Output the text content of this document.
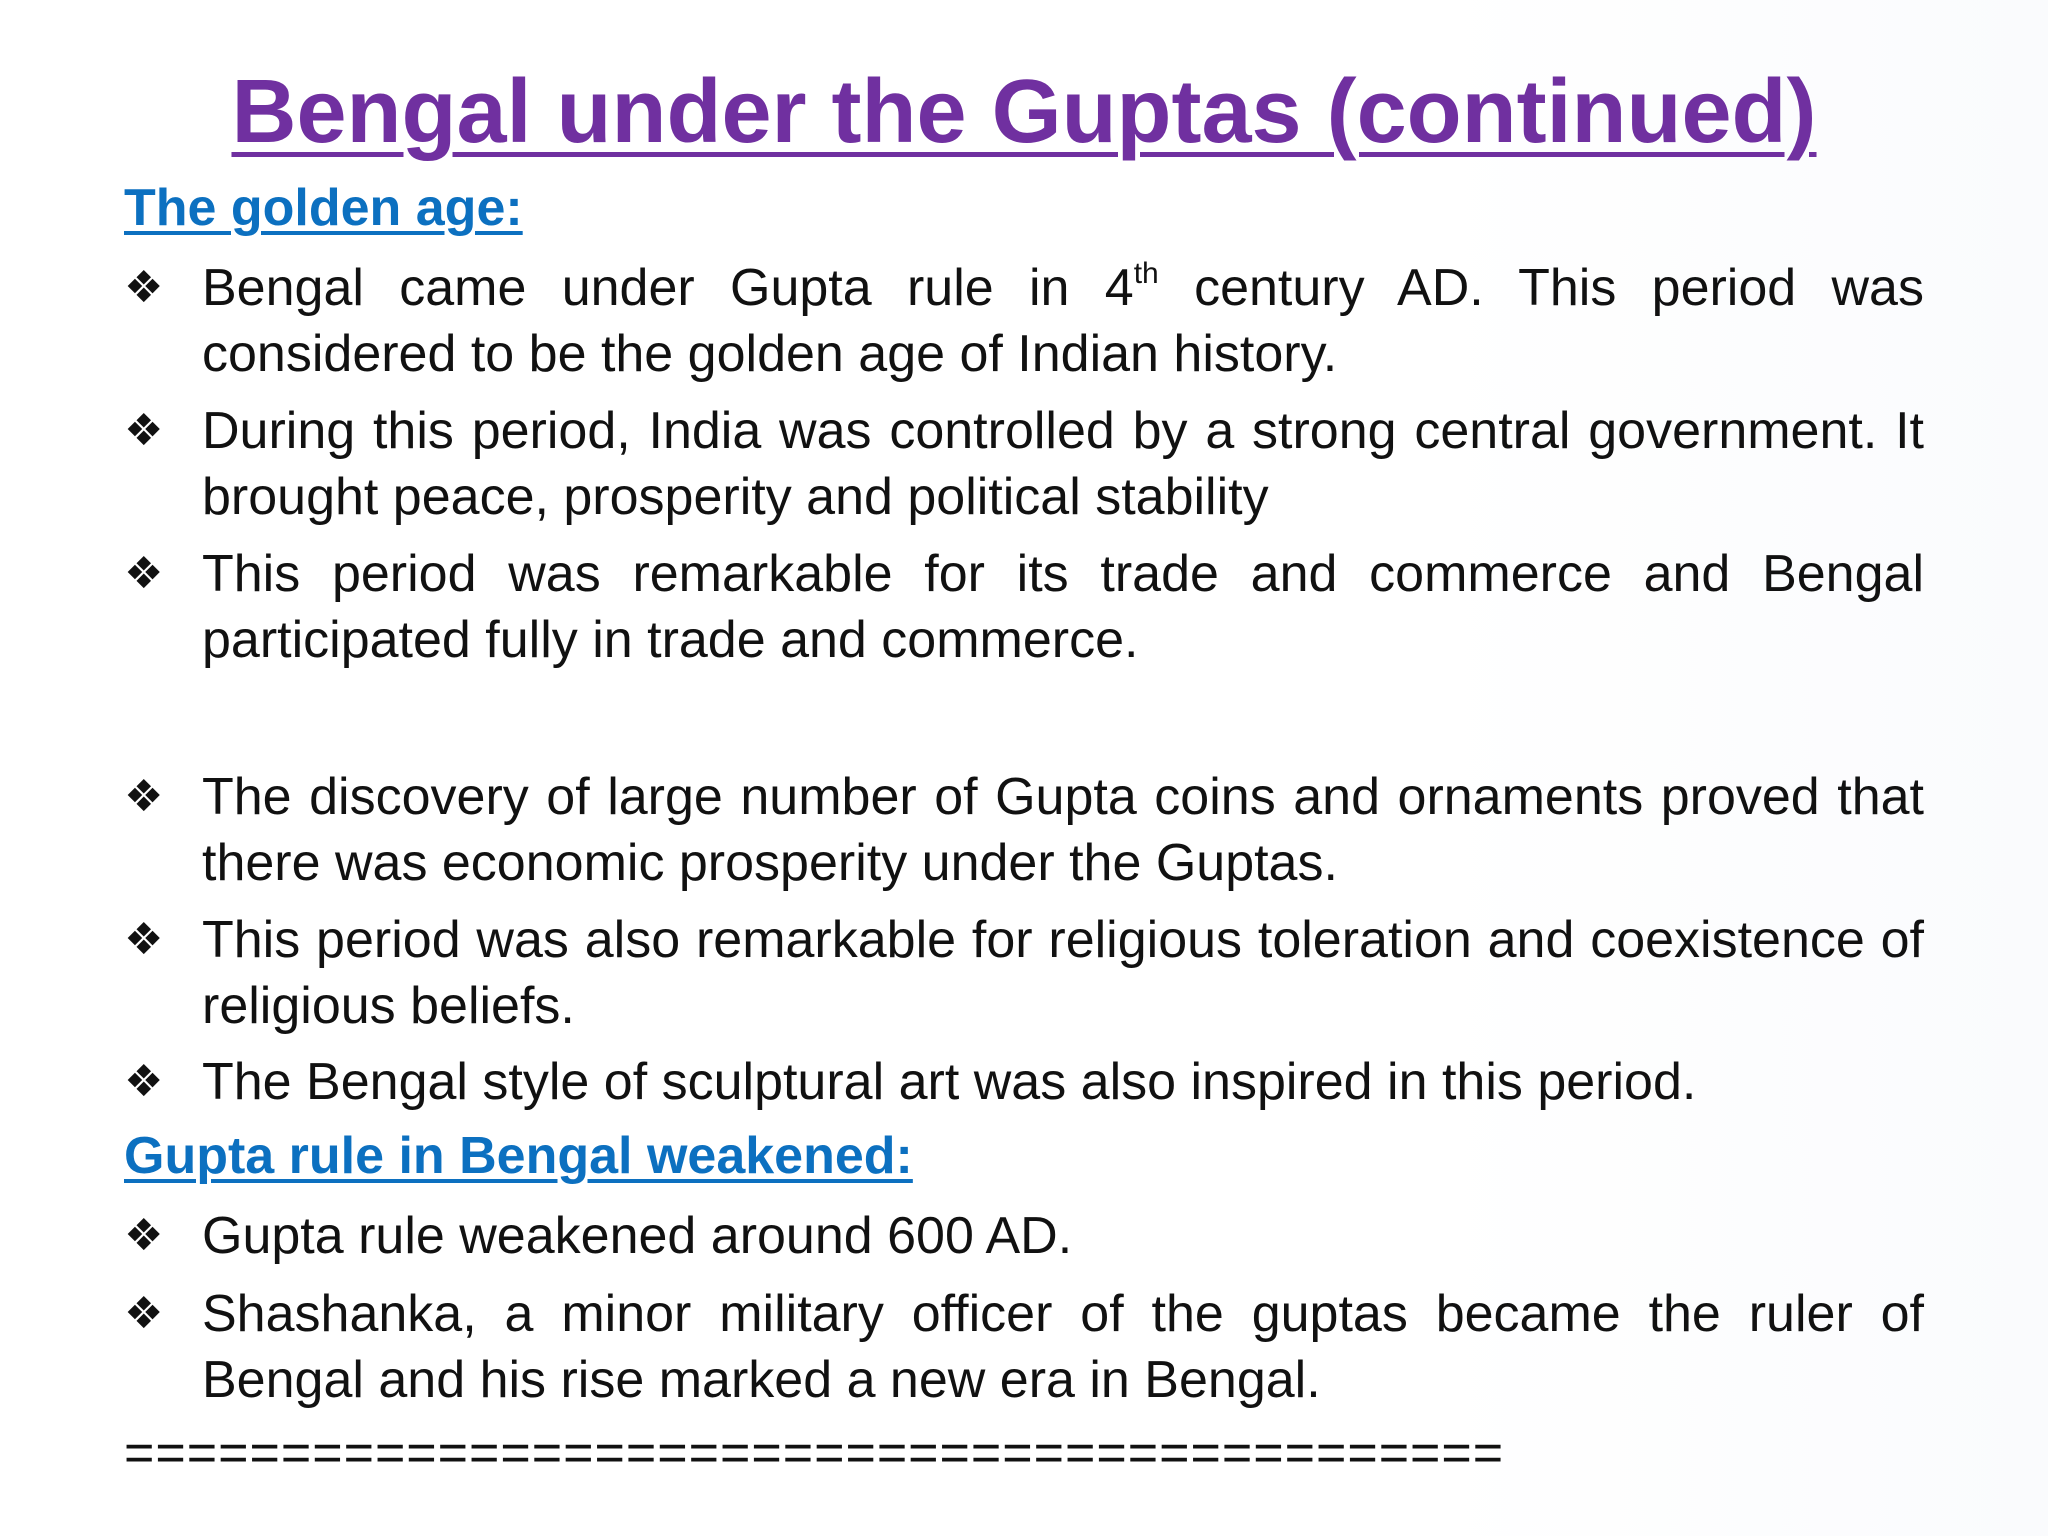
Bengal under the Guptas (continued)
The golden age:
❖ Bengal came under Gupta rule in 4th century AD. This period was considered to be the golden age of Indian history.
❖ During this period, India was controlled by a strong central government. It brought peace, prosperity and political stability
❖ This period was remarkable for its trade and commerce and Bengal participated fully in trade and commerce.
❖ The discovery of large number of Gupta coins and ornaments proved that there was economic prosperity under the Guptas.
❖ This period was also remarkable for religious toleration and coexistence of religious beliefs.
❖ The Bengal style of sculptural art was also inspired in this period.
Gupta rule in Bengal weakened:
❖ Gupta rule weakened around 600 AD.
❖ Shashanka, a minor military officer of the guptas became the ruler of Bengal and his rise marked a new era in Bengal.
============================================
